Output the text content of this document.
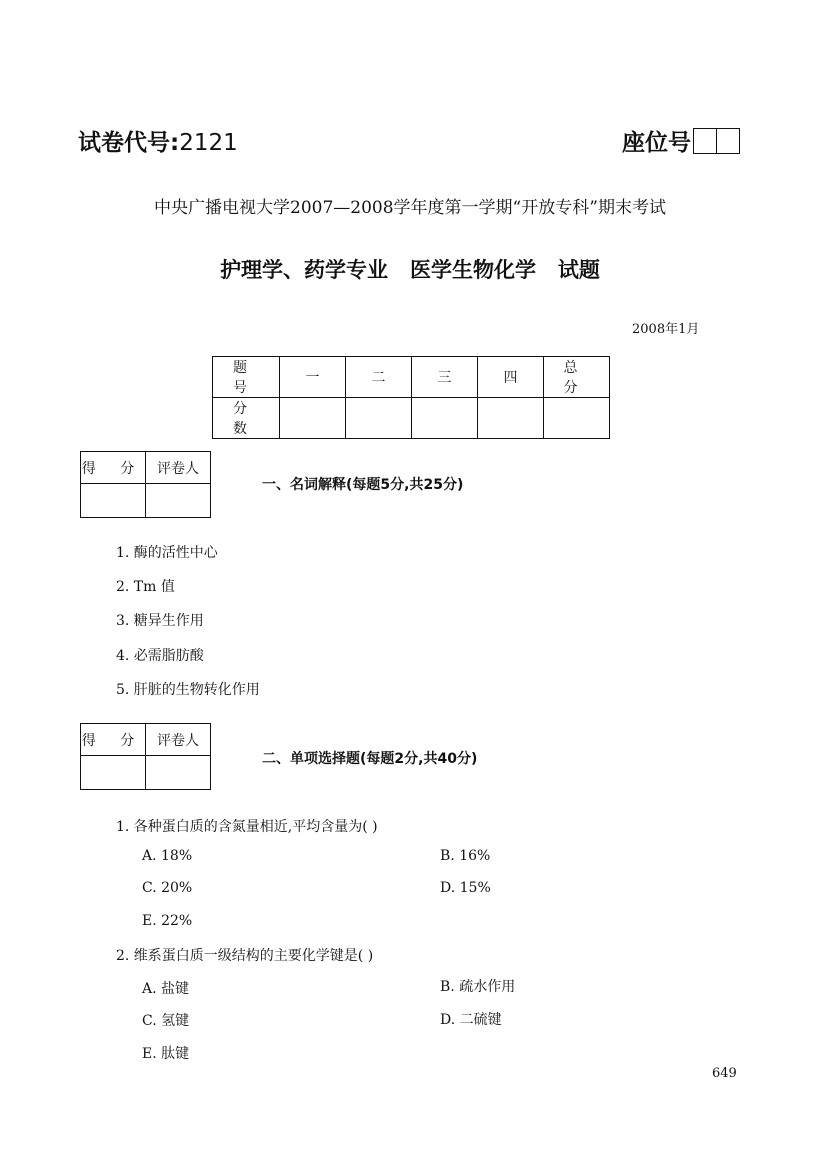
试卷代号:2121	座位号
中央广播电视大学2007—2008学年度第一学期“开放专科”期末考试
护理学、药学专业   医学生物化学   试题
2008年1月
题 号	一	二	三	四	总 分
分 数					
得 分	评卷人

一、名词解释(每题5分,共25分)
1. 酶的活性中心
2. Tm 值
3. 糖异生作用
4. 必需脂肪酸
5. 肝脏的生物转化作用
得 分	评卷人

二、单项选择题(每题2分,共40分)
1. 各种蛋白质的含氮量相近,平均含量为( )
A. 18%	B. 16%
C. 20%	D. 15%
E. 22%
2. 维系蛋白质一级结构的主要化学键是( )
A. 盐键	B. 疏水作用
C. 氢键	D. 二硫键
E. 肽键
649
